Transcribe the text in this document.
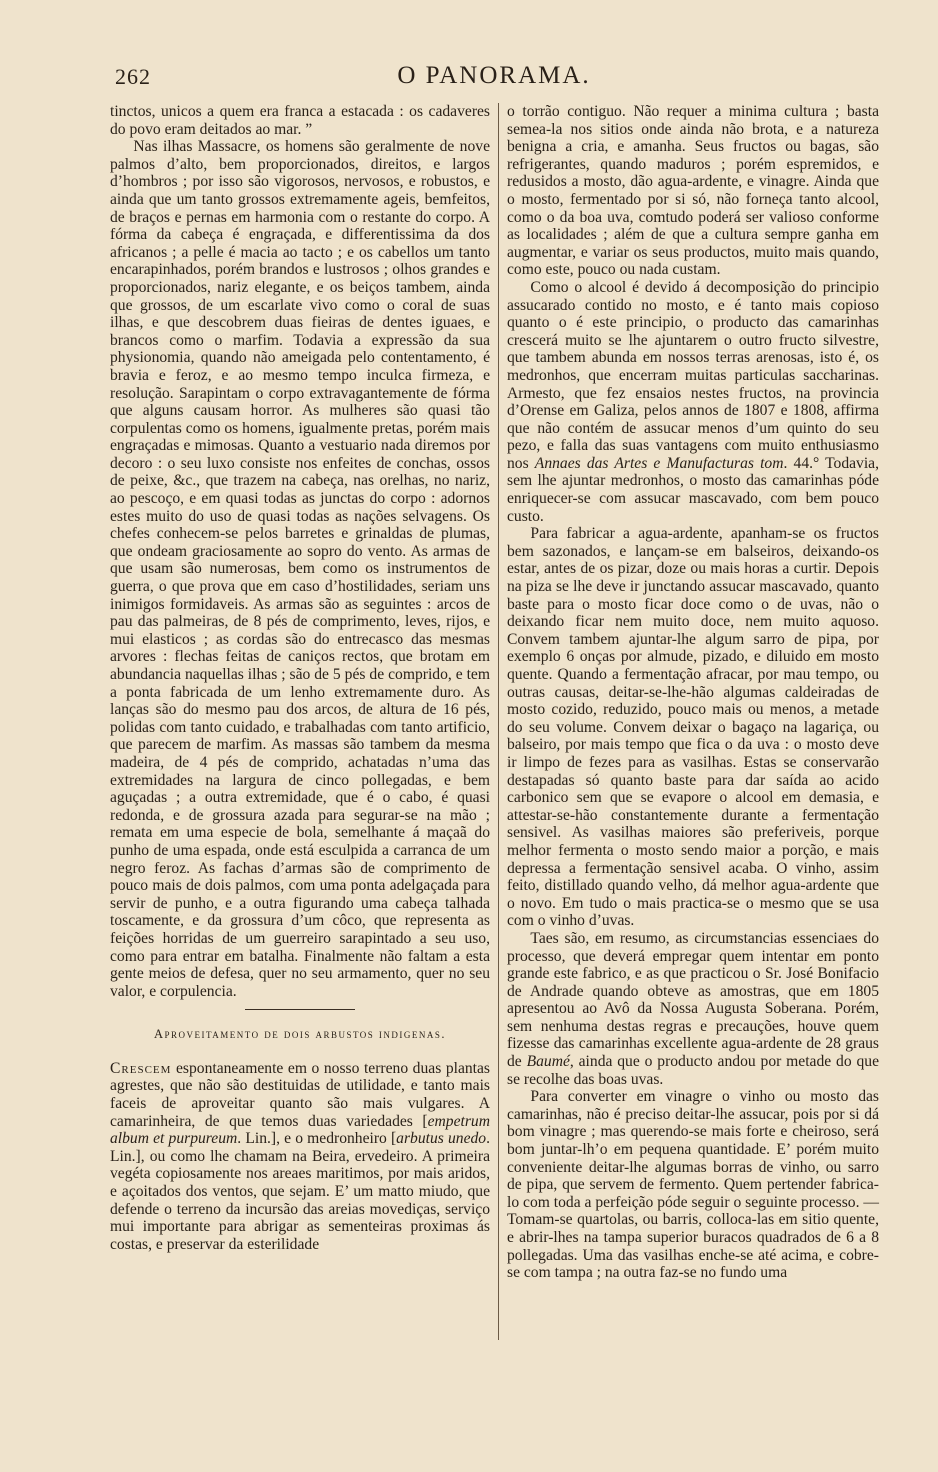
262	O PANORAMA.

tinctos, unicos a quem era franca a estacada : os cadaveres do povo eram deitados ao mar. ”

Nas ilhas Massacre, os homens são geralmente de nove palmos d’alto, bem proporcionados, direitos, e largos d’hombros ; por isso são vigorosos, nervosos, e robustos, e ainda que um tanto grossos extremamente ageis, bemfeitos, de braços e pernas em harmonia com o restante do corpo. A fórma da cabeça é engraçada, e differentissima da dos africanos ; a pelle é macia ao tacto ; e os cabellos um tanto encarapinhados, porém brandos e lustrosos ; olhos grandes e proporcionados, nariz elegante, e os beiços tambem, ainda que grossos, de um escarlate vivo como o coral de suas ilhas, e que descobrem duas fieiras de dentes iguaes, e brancos como o marfim. Todavia a expressão da sua physionomia, quando não ameigada pelo contentamento, é bravia e feroz, e ao mesmo tempo inculca firmeza, e resolução. Sarapintam o corpo extravagantemente de fórma que alguns causam horror. As mulheres são quasi tão corpulentas como os homens, igualmente pretas, porém mais engraçadas e mimosas. Quanto a vestuario nada diremos por decoro : o seu luxo consiste nos enfeites de conchas, ossos de peixe, &c., que trazem na cabeça, nas orelhas, no nariz, ao pescoço, e em quasi todas as junctas do corpo : adornos estes muito do uso de quasi todas as nações selvagens. Os chefes conhecem-se pelos barretes e grinaldas de plumas, que ondeam graciosamente ao sopro do vento. As armas de que usam são numerosas, bem como os instrumentos de guerra, o que prova que em caso d’hostilidades, seriam uns inimigos formidaveis. As armas são as seguintes : arcos de pau das palmeiras, de 8 pés de comprimento, leves, rijos, e mui elasticos ; as cordas são do entrecasco das mesmas arvores : flechas feitas de caniços rectos, que brotam em abundancia naquellas ilhas ; são de 5 pés de comprido, e tem a ponta fabricada de um lenho extremamente duro. As lanças são do mesmo pau dos arcos, de altura de 16 pés, polidas com tanto cuidado, e trabalhadas com tanto artificio, que parecem de marfim. As massas são tambem da mesma madeira, de 4 pés de comprido, achatadas n’uma das extremidades na largura de cinco pollegadas, e bem aguçadas ; a outra extremidade, que é o cabo, é quasi redonda, e de grossura azada para segurar-se na mão ; remata em uma especie de bola, semelhante á maçaã do punho de uma espada, onde está esculpida a carranca de um negro feroz. As fachas d’armas são de comprimento de pouco mais de dois palmos, com uma ponta adelgaçada para servir de punho, e a outra figurando uma cabeça talhada toscamente, e da grossura d’um côco, que representa as feições horridas de um guerreiro sarapintado a seu uso, como para entrar em batalha. Finalmente não faltam a esta gente meios de defesa, quer no seu armamento, quer no seu valor, e corpulencia.

Aproveitamento de dois arbustos indigenas.

Crescem espontaneamente em o nosso terreno duas plantas agrestes, que não são destituidas de utilidade, e tanto mais faceis de aproveitar quanto são mais vulgares. A camarinheira, de que temos duas variedades [empetrum album et purpureum. Lin.], e o medronheiro [arbutus unedo. Lin.], ou como lhe chamam na Beira, ervedeiro. A primeira vegéta copiosamente nos areaes maritimos, por mais aridos, e açoitados dos ventos, que sejam. E’ um matto miudo, que defende o terreno da incursão das areias movediças, serviço mui importante para abrigar as sementeiras proximas ás costas, e preservar da esterilidade

o torrão contiguo. Não requer a minima cultura ; basta semea-la nos sitios onde ainda não brota, e a natureza benigna a cria, e amanha. Seus fructos ou bagas, são refrigerantes, quando maduros ; porém espremidos, e redusidos a mosto, dão agua-ardente, e vinagre. Ainda que o mosto, fermentado por si só, não forneça tanto alcool, como o da boa uva, comtudo poderá ser valioso conforme as localidades ; além de que a cultura sempre ganha em augmentar, e variar os seus productos, muito mais quando, como este, pouco ou nada custam.

Como o alcool é devido á decomposição do principio assucarado contido no mosto, e é tanto mais copioso quanto o é este principio, o producto das camarinhas crescerá muito se lhe ajuntarem o outro fructo silvestre, que tambem abunda em nossos terras arenosas, isto é, os medronhos, que encerram muitas particulas saccharinas. Armesto, que fez ensaios nestes fructos, na provincia d’Orense em Galiza, pelos annos de 1807 e 1808, affirma que não contém de assucar menos d’um quinto do seu pezo, e falla das suas vantagens com muito enthusiasmo nos Annaes das Artes e Manufacturas tom. 44.° Todavia, sem lhe ajuntar medronhos, o mosto das camarinhas póde enriquecer-se com assucar mascavado, com bem pouco custo.

Para fabricar a agua-ardente, apanham-se os fructos bem sazonados, e lançam-se em balseiros, deixando-os estar, antes de os pizar, doze ou mais horas a curtir. Depois na piza se lhe deve ir junctando assucar mascavado, quanto baste para o mosto ficar doce como o de uvas, não o deixando ficar nem muito doce, nem muito aquoso. Convem tambem ajuntar-lhe algum sarro de pipa, por exemplo 6 onças por almude, pizado, e diluido em mosto quente. Quando a fermentação afracar, por mau tempo, ou outras causas, deitar-se-lhe-hão algumas caldeiradas de mosto cozido, reduzido, pouco mais ou menos, a metade do seu volume. Convem deixar o bagaço na lagariça, ou balseiro, por mais tempo que fica o da uva : o mosto deve ir limpo de fezes para as vasilhas. Estas se conservarão destapadas só quanto baste para dar saída ao acido carbonico sem que se evapore o alcool em demasia, e attestar-se-hão constantemente durante a fermentação sensivel. As vasilhas maiores são preferiveis, porque melhor fermenta o mosto sendo maior a porção, e mais depressa a fermentação sensivel acaba. O vinho, assim feito, distillado quando velho, dá melhor agua-ardente que o novo. Em tudo o mais practica-se o mesmo que se usa com o vinho d’uvas.

Taes são, em resumo, as circumstancias essenciaes do processo, que deverá empregar quem intentar em ponto grande este fabrico, e as que practicou o Sr. José Bonifacio de Andrade quando obteve as amostras, que em 1805 apresentou ao Avô da Nossa Augusta Soberana. Porém, sem nenhuma destas regras e precauções, houve quem fizesse das camarinhas excellente agua-ardente de 28 graus de Baumé, ainda que o producto andou por metade do que se recolhe das boas uvas.

Para converter em vinagre o vinho ou mosto das camarinhas, não é preciso deitar-lhe assucar, pois por si dá bom vinagre ; mas querendo-se mais forte e cheiroso, será bom juntar-lh’o em pequena quantidade. E’ porém muito conveniente deitar-lhe algumas borras de vinho, ou sarro de pipa, que servem de fermento. Quem pertender fabrica-lo com toda a perfeição póde seguir o seguinte processo. —Tomam-se quartolas, ou barris, colloca-las em sitio quente, e abrir-lhes na tampa superior buracos quadrados de 6 a 8 pollegadas. Uma das vasilhas enche-se até acima, e cobre-se com tampa ; na outra faz-se no fundo uma
